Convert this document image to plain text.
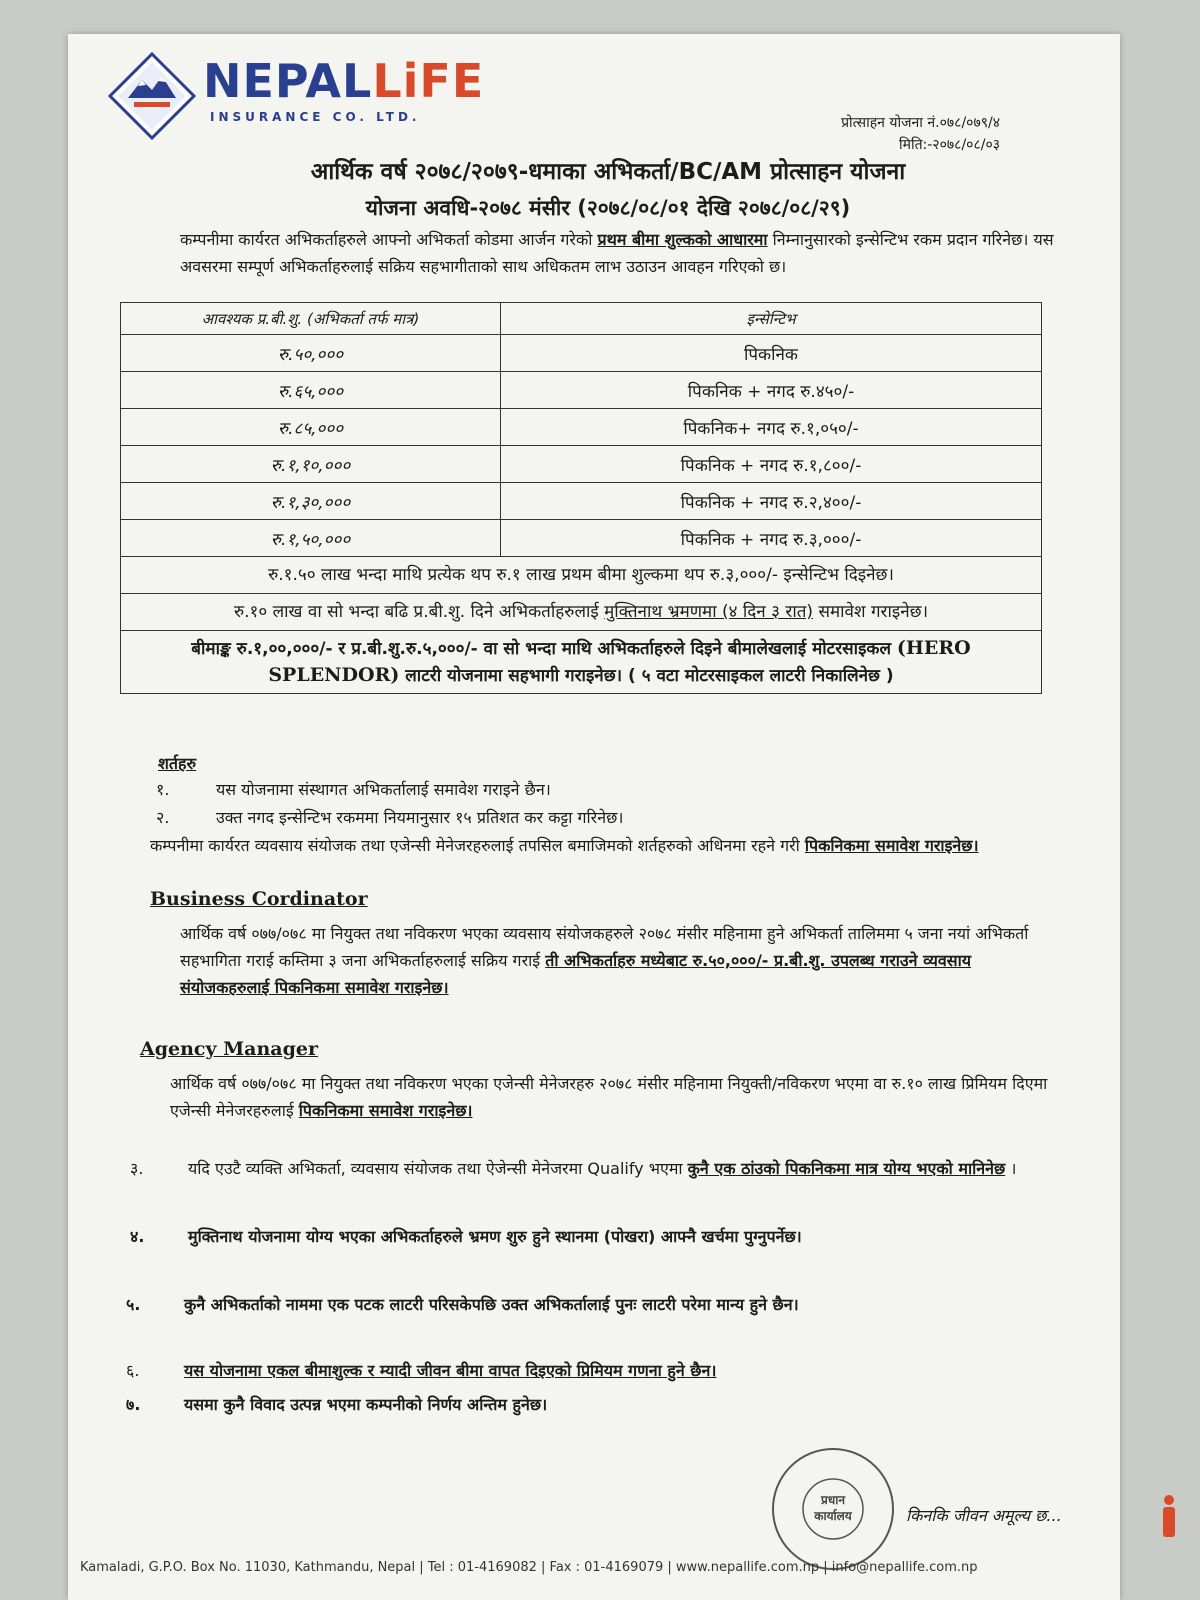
NEPALLiFE
INSURANCE CO. LTD.	प्रोत्साहन योजना नं.०७८/०७९/४
मिति:-२०७८/०८/०३
आर्थिक वर्ष २०७८/२०७९-धमाका अभिकर्ता/BC/AM प्रोत्साहन योजना
योजना अवधि-२०७८ मंसीर (२०७८/०८/०१ देखि २०७८/०८/२९)
कम्पनीमा कार्यरत अभिकर्ताहरुले आफ्नो अभिकर्ता कोडमा आर्जन गरेको प्रथम बीमा शुल्कको आधारमा निम्नानुसारको इन्सेन्टिभ रकम प्रदान गरिनेछ। यस अवसरमा सम्पूर्ण अभिकर्ताहरुलाई सक्रिय सहभागीताको साथ अधिकतम लाभ उठाउन आवहन गरिएको छ।
आवश्यक प्र.बी.शु. (अभिकर्ता तर्फ मात्र)	इन्सेन्टिभ
रु.५०,०००	पिकनिक
रु.६५,०००	पिकनिक + नगद रु.४५०/-
रु.८५,०००	पिकनिक+ नगद रु.१,०५०/-
रु.१,१०,०००	पिकनिक + नगद रु.१,८००/-
रु.१,३०,०००	पिकनिक + नगद रु.२,४००/-
रु.१,५०,०००	पिकनिक + नगद रु.३,०००/-
रु.१.५० लाख भन्दा माथि प्रत्येक थप रु.१ लाख प्रथम बीमा शुल्कमा थप रु.३,०००/- इन्सेन्टिभ दिइनेछ।	
रु.१० लाख वा सो भन्दा बढि प्र.बी.शु. दिने अभिकर्ताहरुलाई मुक्तिनाथ भ्रमणमा (४ दिन ३ रात) समावेश गराइनेछ।	
बीमाङ्क रु.१,००,०००/- र प्र.बी.शु.रु.५,०००/- वा सो भन्दा माथि अभिकर्ताहरुले दिइने बीमालेखलाई मोटरसाइकल (HERO SPLENDOR) लाटरी योजनामा सहभागी गराइनेछ। ( ५ वटा मोटरसाइकल लाटरी निकालिनेछ )	
शर्तहरु
१.	यस योजनामा संस्थागत अभिकर्तालाई समावेश गराइने छैन।
२.	उक्त नगद इन्सेन्टिभ रकममा नियमानुसार १५ प्रतिशत कर कट्टा गरिनेछ।
कम्पनीमा कार्यरत व्यवसाय संयोजक तथा एजेन्सी मेनेजरहरुलाई तपसिल बमाजिमको शर्तहरुको अधिनमा रहने गरी पिकनिकमा समावेश गराइनेछ।
Business Cordinator
आर्थिक वर्ष ०७७/०७८ मा नियुक्त तथा नविकरण भएका व्यवसाय संयोजकहरुले २०७८ मंसीर महिनामा हुने अभिकर्ता तालिममा ५ जना नयां अभिकर्ता सहभागिता गराई कम्तिमा ३ जना अभिकर्ताहरुलाई सक्रिय गराई ती अभिकर्ताहरु मध्येबाट रु.५०,०००/- प्र.बी.शु. उपलब्ध गराउने व्यवसाय संयोजकहरुलाई पिकनिकमा समावेश गराइनेछ।
Agency Manager
आर्थिक वर्ष ०७७/०७८ मा नियुक्त तथा नविकरण भएका एजेन्सी मेनेजरहरु २०७८ मंसीर महिनामा नियुक्ती/नविकरण भएमा वा रु.१० लाख प्रिमियम दिएमा एजेन्सी मेनेजरहरुलाई पिकनिकमा समावेश गराइनेछ।
३.	यदि एउटै व्यक्ति अभिकर्ता, व्यवसाय संयोजक तथा ऐजेन्सी मेनेजरमा Qualify भएमा कुनै एक ठांउको पिकनिकमा मात्र योग्य भएको मानिनेछ ।
४.	मुक्तिनाथ योजनामा योग्य भएका अभिकर्ताहरुले भ्रमण शुरु हुने स्थानमा (पोखरा) आफ्नै खर्चमा पुग्नुपर्नेछ।
५.	कुनै अभिकर्ताको नाममा एक पटक लाटरी परिसकेपछि उक्त अभिकर्तालाई पुनः लाटरी परेमा मान्य हुने छैन।
६.	यस योजनामा एकल बीमाशुल्क र म्यादी जीवन बीमा वापत दिइएको प्रिमियम गणना हुने छैन।
७.	यसमा कुनै विवाद उत्पन्न भएमा कम्पनीको निर्णय अन्तिम हुनेछ।
प्रधान
कार्यालय	किनकि जीवन अमूल्य छ...
Kamaladi, G.P.O. Box No. 11030, Kathmandu, Nepal | Tel : 01-4169082 | Fax : 01-4169079 | www.nepallife.com.np | info@nepallife.com.np
